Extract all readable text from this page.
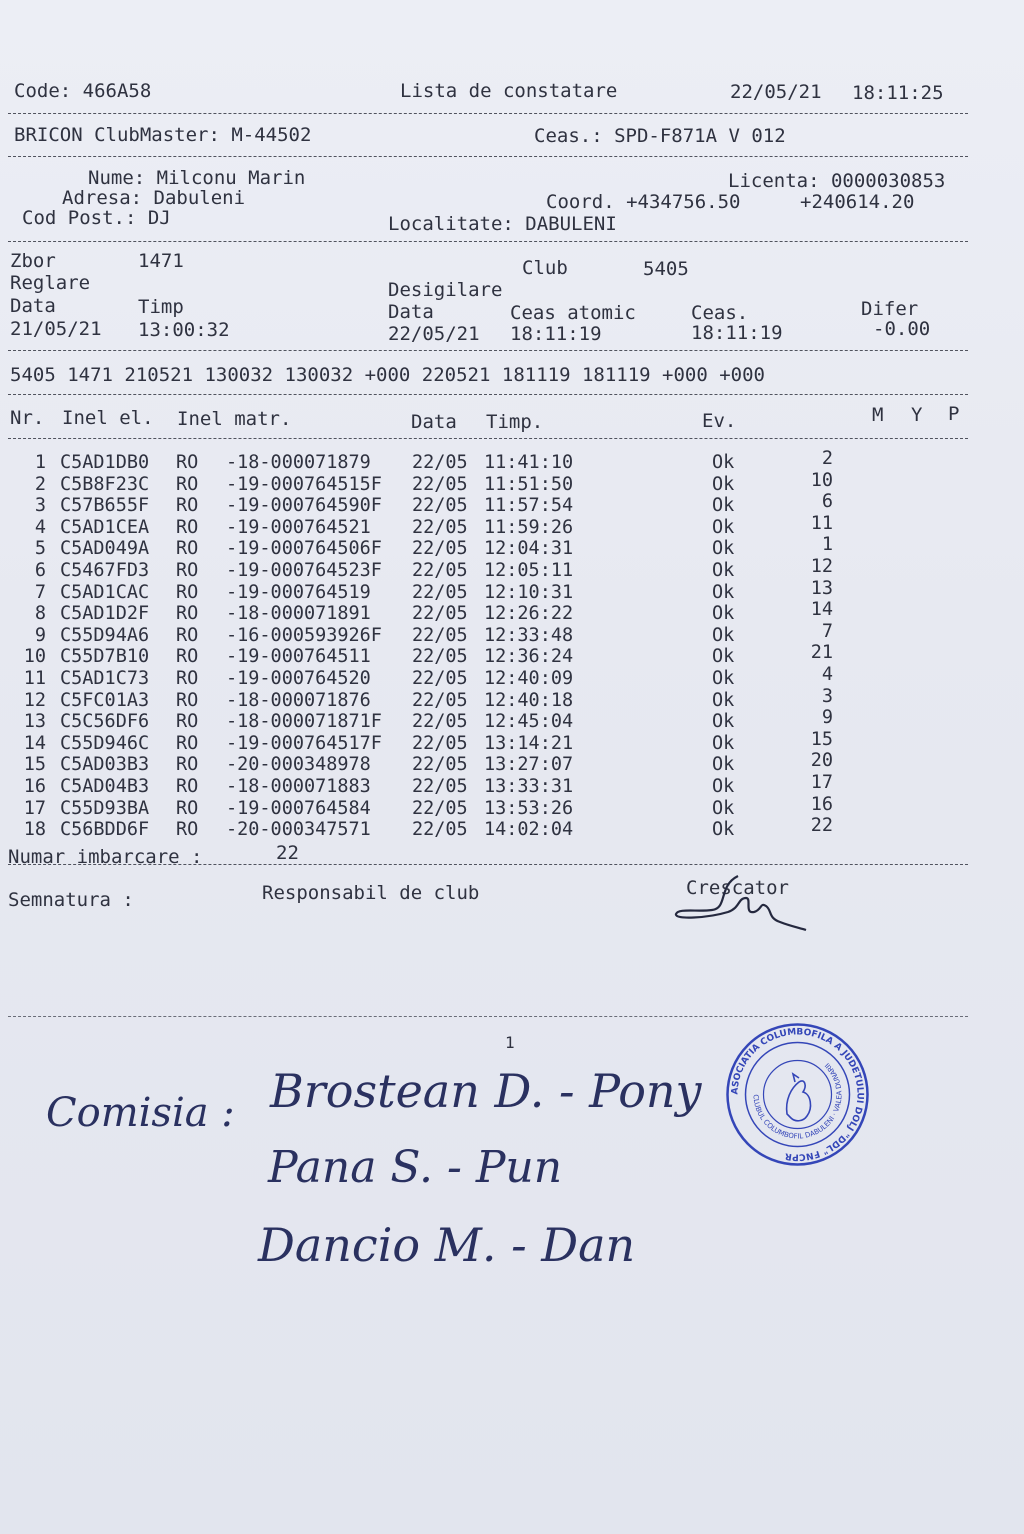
Code: 466A58	Lista de constatare	22/05/21 18:11:25
BRICON ClubMaster: M-44502	Ceas.: SPD-F871A V 012
Nume: Milconu Marin
Adresa: Dabuleni
Cod Post.: DJ
Licenta: 0000030853
Coord. +434756.50	+240614.20
Localitate: DABULENI
Zbor	1471	Club	5405
Reglare	Desigilare
Data	Timp	Data	Ceas atomic	Ceas.	Difer
21/05/21 13:00:32	22/05/21 18:11:19	18:11:19	-0.00
5405 1471 210521 130032 130032 +000 220521 181119 181119 +000 +000
Nr. Inel el. Inel matr.	Data Timp.	Ev.	M Y P
1 C5AD1DB0 RO -18-000071879 22/05 11:41:10	Ok	2
2 C5B8F23C RO -19-000764515F 22/05 11:51:50	Ok	10
3 C57B655F RO -19-000764590F 22/05 11:57:54	Ok	6
4 C5AD1CEA RO -19-000764521 22/05 11:59:26	Ok	11
5 C5AD049A RO -19-000764506F 22/05 12:04:31	Ok	1
6 C5467FD3 RO -19-000764523F 22/05 12:05:11	Ok	12
7 C5AD1CAC RO -19-000764519 22/05 12:10:31	Ok	13
8 C5AD1D2F RO -18-000071891 22/05 12:26:22	Ok	14
9 C55D94A6 RO -16-000593926F 22/05 12:33:48	Ok	7
10 C55D7B10 RO -19-000764511 22/05 12:36:24	Ok	21
11 C5AD1C73 RO -19-000764520 22/05 12:40:09	Ok	4
12 C5FC01A3 RO -18-000071876 22/05 12:40:18	Ok	3
13 C5C56DF6 RO -18-000071871F 22/05 12:45:04	Ok	9
14 C55D946C RO -19-000764517F 22/05 13:14:21	Ok	15
15 C5AD03B3 RO -20-000348978 22/05 13:27:07	Ok	20
16 C5AD04B3 RO -18-000071883 22/05 13:33:31	Ok	17
17 C55D93BA RO -19-000764584 22/05 13:53:26	Ok	16
18 C56BDD6F RO -20-000347571 22/05 14:02:04	Ok	22
Numar imbarcare :	22
Semnatura :	Responsabil de club	Crescator
1
Comisia : Brostean D. - Pony
Pana S. - Pun
Dancio M. - Dan
ASOCIATIA COLUMBOFILA A JUDETULUI DOLJ "DDL" FNCPR
CLUBUL COLUMBOFIL DABULENI · VALEA DUNARII
